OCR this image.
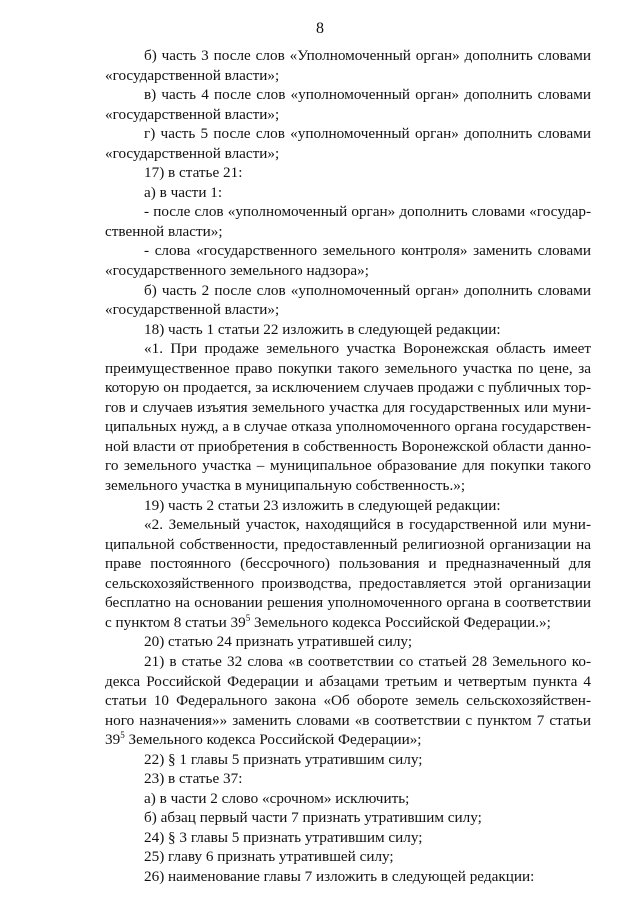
8

б) часть 3 после слов «Уполномоченный орган» дополнить словами «государственной власти»;

в) часть 4 после слов «уполномоченный орган» дополнить словами «государственной власти»;

г) часть 5 после слов «уполномоченный орган» дополнить словами «государственной власти»;

17) в статье 21:

а) в части 1:

- после слов «уполномоченный орган» дополнить словами «государственной власти»;

- слова «государственного земельного контроля» заменить словами «государственного земельного надзора»;

б) часть 2 после слов «уполномоченный орган» дополнить словами «государственной власти»;

18) часть 1 статьи 22 изложить в следующей редакции:

«1. При продаже земельного участка Воронежская область имеет преимущественное право покупки такого земельного участка по цене, за которую он продается, за исключением случаев продажи с публичных торгов и случаев изъятия земельного участка для государственных или муниципальных нужд, а в случае отказа уполномоченного органа государственной власти от приобретения в собственность Воронежской области данного земельного участка – муниципальное образование для покупки такого земельного участка в муниципальную собственность.»;

19) часть 2 статьи 23 изложить в следующей редакции:

«2. Земельный участок, находящийся в государственной или муниципальной собственности, предоставленный религиозной организации на праве постоянного (бессрочного) пользования и предназначенный для сельскохозяйственного производства, предоставляется этой организации бесплатно на основании решения уполномоченного органа в соответствии с пунктом 8 статьи $39^5$ Земельного кодекса Российской Федерации.»;

20) статью 24 признать утратившей силу;

21) в статье 32 слова «в соответствии со статьей 28 Земельного кодекса Российской Федерации и абзацами третьим и четвертым пункта 4 статьи 10 Федерального закона «Об обороте земель сельскохозяйственного назначения»» заменить словами «в соответствии с пунктом 7 статьи $39^5$ Земельного кодекса Российской Федерации»;

22) § 1 главы 5 признать утратившим силу;

23) в статье 37:

а) в части 2 слово «срочном» исключить;

б) абзац первый части 7 признать утратившим силу;

24) § 3 главы 5 признать утратившим силу;

25) главу 6 признать утратившей силу;

26) наименование главы 7 изложить в следующей редакции:
